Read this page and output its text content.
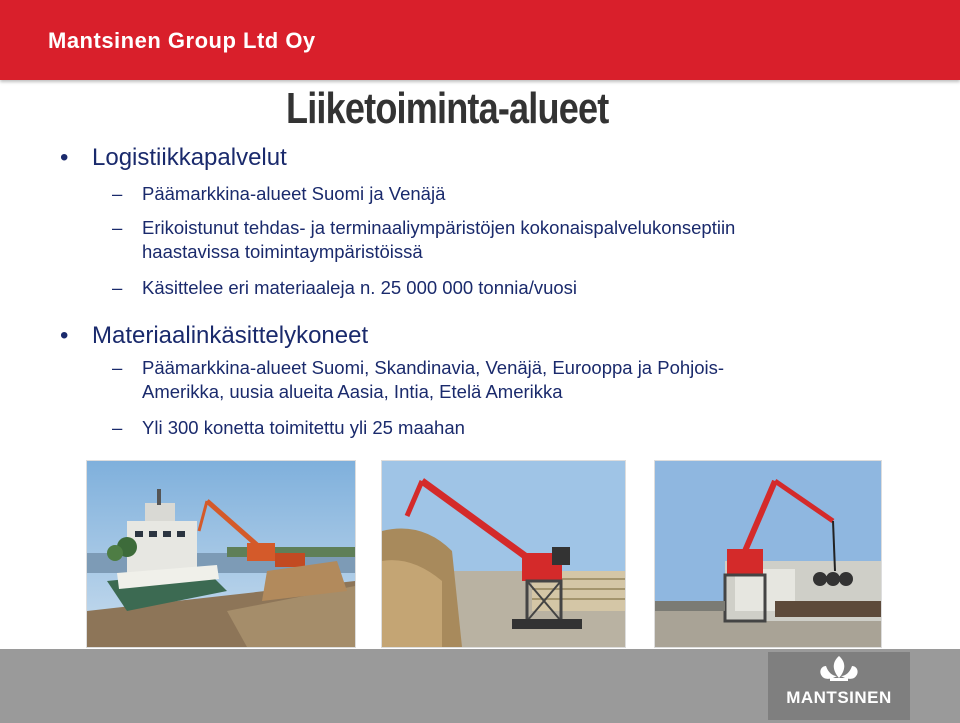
Mantsinen Group Ltd Oy
Liiketoiminta-alueet
• Logistiikkapalvelut
– Päämarkkina-alueet Suomi ja Venäjä
– Erikoistunut tehdas- ja terminaaliympäristöjen kokonaispalvelukonseptiin
haastavissa toimintaympäristöissä
– Käsittelee eri materiaaleja n. 25 000 000 tonnia/vuosi
• Materiaalinkäsittelykoneet
– Päämarkkina-alueet Suomi, Skandinavia, Venäjä, Eurooppa ja Pohjois-
Amerikka, uusia alueita Aasia, Intia, Etelä Amerikka
– Yli 300 konetta toimitettu yli 25 maahan
MANTSINEN
